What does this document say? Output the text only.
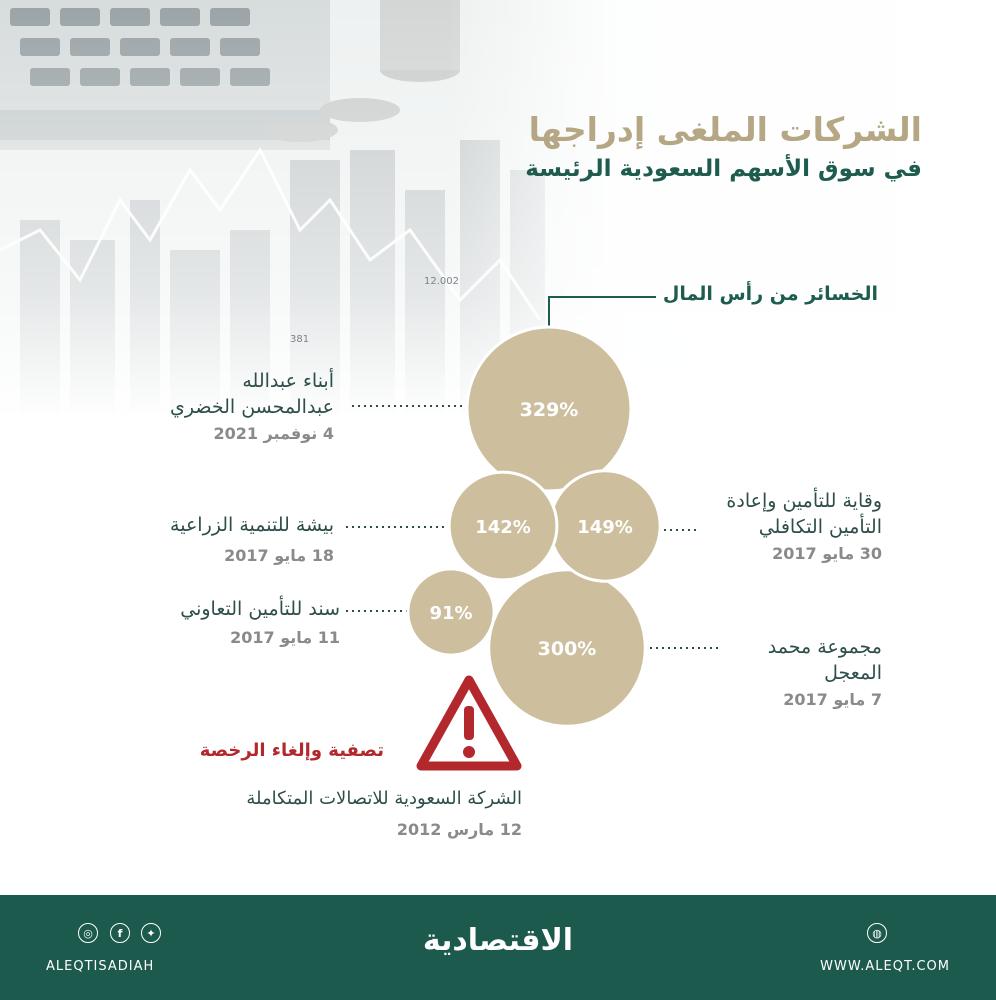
12.002
381
الشركات الملغى إدراجها
في سوق الأسهم السعودية الرئيسة
الخسائر من رأس المال
329%
300%
149%
142%
91%
أبناء عبدالله
عبدالمحسن الخضري
4 نوفمبر 2021
وقاية للتأمين وإعادة
التأمين التكافلي
30 مايو 2017
بيشة للتنمية الزراعية
18 مايو 2017
سند للتأمين التعاوني
11 مايو 2017	مجموعة محمد
المعجل
7 مايو 2017
تصفية وإلغاء الرخصة
الشركة السعودية للاتصالات المتكاملة
12 مارس 2012
◎	f	✦
ALEQTISADIAH
الاقتصادية	◍
WWW.ALEQT.COM
